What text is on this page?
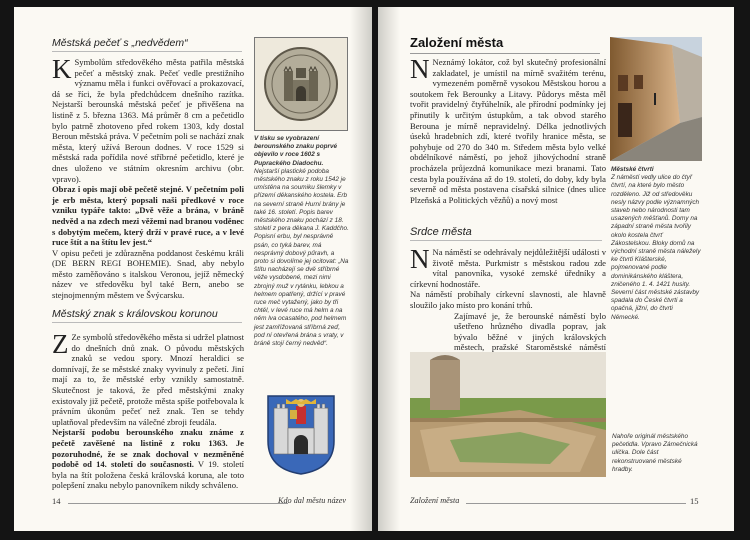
Městská pečeť s „nedvědem“

K Symbolům středověkého města patřila městská pečeť a městský znak. Pečeť vedle prestižního významu měla i funkci ověřovací a prokazovací, dá se říci, že byla předchůdcem dnešního razítka. Nejstarší berounská městská pečeť je přivěšena na listině z 5. března 1363. Má průměr 8 cm a pečetidlo bylo patrně zhotoveno před rokem 1303, kdy dostal Beroun městská práva. V pečetním poli se nachází znak města, který užívá Beroun dodnes. V roce 1529 si městská rada pořídila nové stříbrné pečetidlo, které je dnes uloženo ve státním okresním archivu (obr. vpravo).

Obraz i opis mají obě pečetě stejné. V pečetním poli je erb města, který popsali naši předkové v roce vzniku typáře takto: „Dvě věže a brána, v bráně nedvěd a na zdech mezi věžemi nad branou voděnec s dobytým mečem, který drží v pravé ruce, a v levé ruce štít a na štítu lev jest.“

V opisu pečeti je zdůrazněna poddanost českému králi (DE BERN REGI BOHEMIE). Snad, aby nebylo město zaměňováno s italskou Veronou, jejíž německý název ve středověku byl také Bern, anebo se stejnojmenným městem ve Švýcarsku.

Městský znak s královskou korunou

Z Ze symbolů středověkého města si udržel platnost do dnešních dnů znak. O původu městských znaků se vedou spory. Mnozí heraldici se domnívají, že se městské znaky vyvinuly z pečetí. Jiní mají za to, že městské erby vznikly samostatně. Skutečnost je taková, že před městskými znaky existovaly již pečetě, protože města spíše potřebovala k právním úkonům pečeť než znak. Ten se tehdy uplatňoval především na válečné zbroji feudála.

Nejstarší podobu berounského znaku známe z pečetě zavěšené na listině z roku 1363. Je pozoruhodné, že se znak dochoval v nezměněné podobě od 14. století do současnosti. V 19. století byla na štít položena česká královská koruna, ale toto polepšení znaku nebylo panovníkem nikdy schváleno.

V tisku se vyobrazení berounského znaku poprvé objevilo v roce 1602 s Puprackého Diadochu.
Nejstarší plastické podoba městského znaku z roku 1542 je umístěna na soumiku šlemky v přízemí děkanského kostela. Erb na severní straně Hurní brány je také 16. století. Popis barev městského znaku pochází z 18. století z pera děkana J. Kaddčho. Popisní erbu, byl nesprávně psán, co tyká barev, má nesprávný dobový pűravh, a proto si dovolíme jej ocitovat: „Na štítu nacházejí se dvě stříbrné věže vysdobené, mezi nimi zbrojný muž v rytánku, lebkou a helmem opatřený, držící v pravé ruce meč vytažený, jako by tři chtěl, v levé ruce má helm a na něm lva ocasatého, pod helmem jest zamřížovaná stříbrná zeď, pod ní otevřená brána s vraty, v bráně stojí černý nedvěd“.
14	Kdo dal městu název
Založení města

N Neznámý lokátor, což byl skutečný profesionální zakladatel, je umístil na mírně svažitém terénu, vymezeném poměrně vysokou Městskou horou a soutokem řek Berounky a Litavy. Půdorys města měl tvořit pravidelný čtyřúhelník, ale přírodní podmínky jej přinutily k určitým ústupkům, a tak obvod starého Berouna je mírně nepravidelný. Délka jednotlivých úseků hradebních zdí, které tvořily hranice města, se pohybuje od 270 do 340 m. Středem města bylo velké obdélníkové náměstí, po jehož jihovýchodní straně procházela průjezdná komunikace mezi branami. Tato cesta byla používána až do 19. století, do doby, kdy byla severně od města postavena císařská silnice (dnes ulice Plzeňská a Politických vězňů) a nový most

Srdce města

N Na náměstí se odehrávaly nejdůležitější události v životě města. Purkmistr s městskou radou zde vítal panovníka, vysoké zemské úředníky a církevní hodnostáře.

Na náměstí probíhaly církevní slavnosti, ale hlavně sloužilo jako místo pro konání trhů.

Zajímavé je, že berounské náměstí bylo ušetřeno hrůzného divadla poprav, jak bývalo běžné v jiných královských městech, pražské Staroměstské náměstí

Městské čtvrti
Z náměstí vedly ulice do čtyř čtvrtí, na které bylo město rozděleno. Již od středověku nesly názvy podle významných staveb nebo národnosti tam usazených měšťanů. Domy na západní straně města tvořily okolo kostela čtvrť Zákostelskou. Bloky domů na východní straně města náležely ke čtvrti Klášterské, pojmenované podle dominikánského kláštera, zničeného 1. 4. 1421 husity. Severní část městské zástavby spadala do České čtvrti a opačná, jižní, do čtvrti Německé.
Nahoře originál městského pečetidla. Vpravo Zámečnická ulička. Dole část rekonstruované městské hradby.
Založení města	15
